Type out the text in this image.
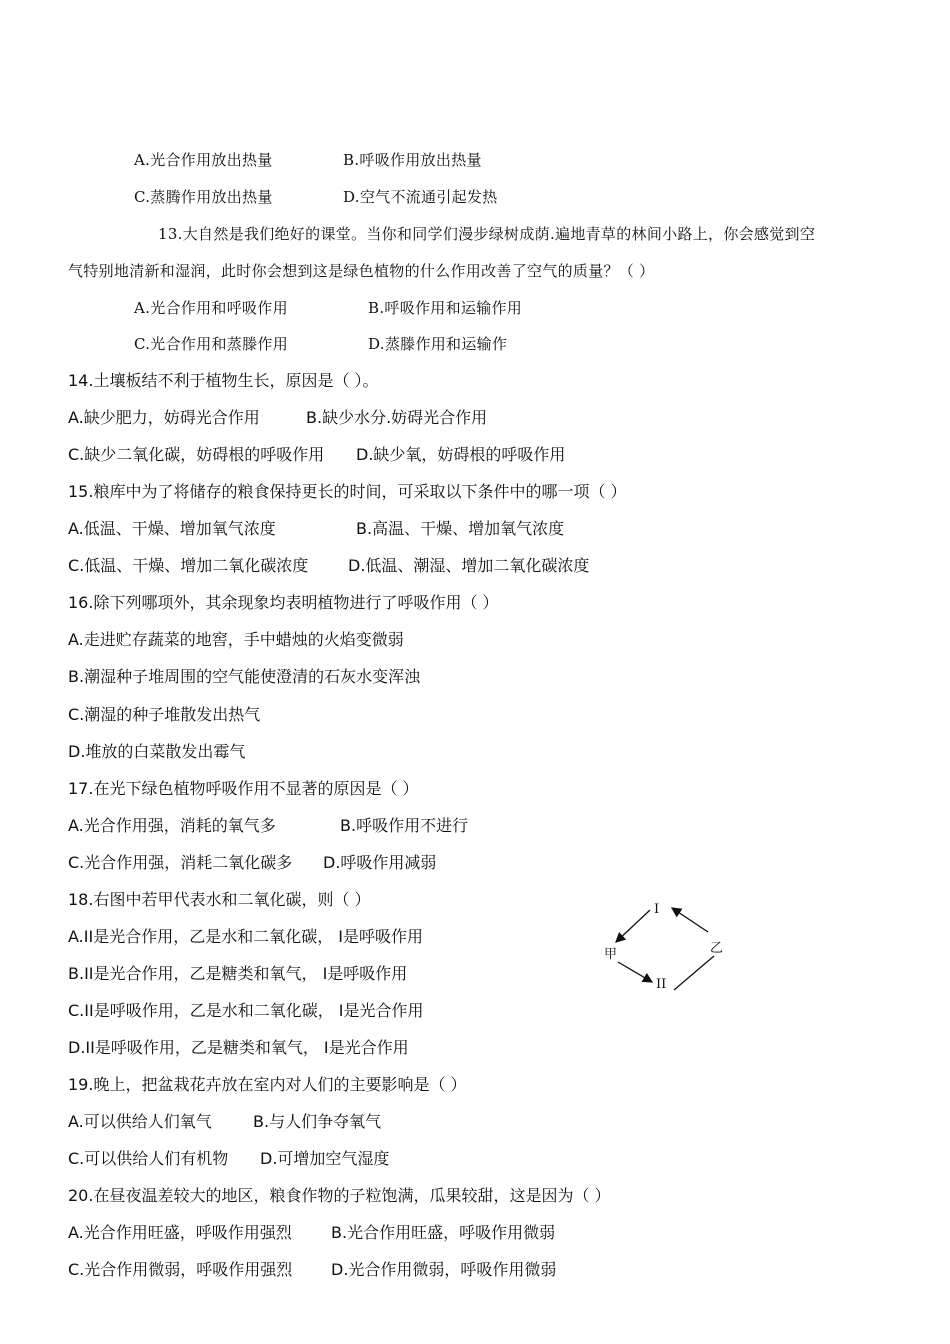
A.光合作用放出热量	B.呼吸作用放出热量
C.蒸腾作用放出热量	D.空气不流通引起发热
13.大自然是我们绝好的课堂。当你和同学们漫步绿树成荫.遍地青草的林间小路上，你会感觉到空
气特别地清新和湿润，此时你会想到这是绿色植物的什么作用改善了空气的质量？（ ）
A.光合作用和呼吸作用	B.呼吸作用和运输作用
C.光合作用和蒸滕作用	D.蒸滕作用和运输作
14.土壤板结不利于植物生长，原因是（ ）。
A.缺少肥力，妨碍光合作用	B.缺少水分.妨碍光合作用
C.缺少二氧化碳，妨碍根的呼吸作用 D.缺少氧，妨碍根的呼吸作用
15.粮库中为了将储存的粮食保持更长的时间，可采取以下条件中的哪一项（ ）
A.低温、干燥、增加氧气浓度	B.高温、干燥、增加氧气浓度
C.低温、干燥、增加二氧化碳浓度 D.低温、潮湿、增加二氧化碳浓度
16.除下列哪项外，其余现象均表明植物进行了呼吸作用（ ）
A.走进贮存蔬菜的地窖，手中蜡烛的火焰变微弱
B.潮湿种子堆周围的空气能使澄清的石灰水变浑浊
C.潮湿的种子堆散发出热气
D.堆放的白菜散发出霉气
17.在光下绿色植物呼吸作用不显著的原因是（ ）
A.光合作用强，消耗的氧气多	B.呼吸作用不进行
C.光合作用强，消耗二氧化碳多 D.呼吸作用减弱
18.右图中若甲代表水和二氧化碳，则（ ）
A.II是光合作用，乙是水和二氧化碳， I是呼吸作用
B.II是光合作用，乙是糖类和氧气， I是呼吸作用
C.II是呼吸作用，乙是水和二氧化碳， I是光合作用
D.II是呼吸作用，乙是糖类和氧气， I是光合作用
I
甲	乙
II
19.晚上，把盆栽花卉放在室内对人们的主要影响是（ ）
A.可以供给人们氧气	B.与人们争夺氧气
C.可以供给人们有机物 D.可增加空气湿度
20.在昼夜温差较大的地区，粮食作物的子粒饱满，瓜果较甜，这是因为（ ）
A.光合作用旺盛，呼吸作用强烈 B.光合作用旺盛，呼吸作用微弱
C.光合作用微弱，呼吸作用强烈 D.光合作用微弱，呼吸作用微弱
